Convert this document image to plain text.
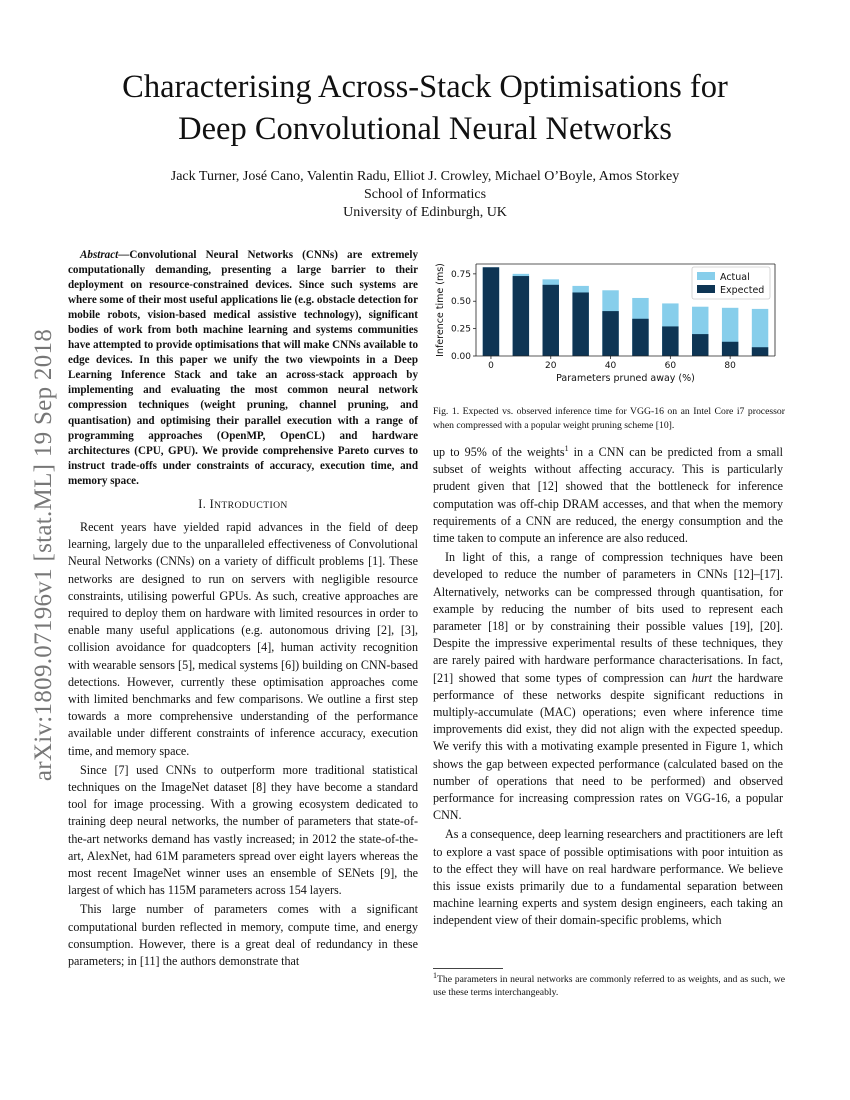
arXiv:1809.07196v1 [stat.ML] 19 Sep 2018
Characterising Across-Stack Optimisations for
Deep Convolutional Neural Networks
Jack Turner, José Cano, Valentin Radu, Elliot J. Crowley, Michael O’Boyle, Amos Storkey
School of Informatics
University of Edinburgh, UK

Abstract—Convolutional Neural Networks (CNNs) are extremely computationally demanding, presenting a large barrier to their deployment on resource-constrained devices. Since such systems are where some of their most useful applications lie (e.g. obstacle detection for mobile robots, vision-based medical assistive technology), significant bodies of work from both machine learning and systems communities have attempted to provide optimisations that will make CNNs available to edge devices. In this paper we unify the two viewpoints in a Deep Learning Inference Stack and take an across-stack approach by implementing and evaluating the most common neural network compression techniques (weight pruning, channel pruning, and quantisation) and optimising their parallel execution with a range of programming approaches (OpenMP, OpenCL) and hardware architectures (CPU, GPU). We provide comprehensive Pareto curves to instruct trade-offs under constraints of accuracy, execution time, and memory space.

I. INTRODUCTION

Recent years have yielded rapid advances in the field of deep learning, largely due to the unparalleled effectiveness of Convolutional Neural Networks (CNNs) on a variety of difficult problems [1]. These networks are designed to run on servers with negligible resource constraints, utilising powerful GPUs. As such, creative approaches are required to deploy them on hardware with limited resources in order to enable many useful applications (e.g. autonomous driving [2], [3], collision avoidance for quadcopters [4], human activity recognition with wearable sensors [5], medical systems [6]) building on CNN-based detections. However, currently these optimisation approaches come with limited benchmarks and few comparisons. We outline a first step towards a more comprehensive understanding of the performance available under different constraints of inference accuracy, execution time, and memory space.

Since [7] used CNNs to outperform more traditional statistical techniques on the ImageNet dataset [8] they have become a standard tool for image processing. With a growing ecosystem dedicated to training deep neural networks, the number of parameters that state-of-the-art networks demand has vastly increased; in 2012 the state-of-the-art, AlexNet, had 61M parameters spread over eight layers whereas the most recent ImageNet winner uses an ensemble of SENets [9], the largest of which has 115M parameters across 154 layers.

This large number of parameters comes with a significant computational burden reflected in memory, compute time, and energy consumption. However, there is a great deal of redundancy in these parameters; in [11] the authors demonstrate that

0.00
0.25
0.50
0.75
0	20	40	60	80
Parameters pruned away (%)
Inference time (ms)	Actual
Expected
Fig. 1. Expected vs. observed inference time for VGG-16 on an Intel Core i7 processor when compressed with a popular weight pruning scheme [10].

up to 95% of the weights$^1$ in a CNN can be predicted from a small subset of weights without affecting accuracy. This is particularly prudent given that [12] showed that the bottleneck for inference computation was off-chip DRAM accesses, and that when the memory requirements of a CNN are reduced, the energy consumption and the time taken to compute an inference are also reduced.

In light of this, a range of compression techniques have been developed to reduce the number of parameters in CNNs [12]–[17]. Alternatively, networks can be compressed through quantisation, for example by reducing the number of bits used to represent each parameter [18] or by constraining their possible values [19], [20]. Despite the impressive experimental results of these techniques, they are rarely paired with hardware performance characterisations. In fact, [21] showed that some types of compression can hurt the hardware performance of these networks despite significant reductions in multiply-accumulate (MAC) operations; even where inference time improvements did exist, they did not align with the expected speedup. We verify this with a motivating example presented in Figure 1, which shows the gap between expected performance (calculated based on the number of operations that need to be performed) and observed performance for increasing compression rates on VGG-16, a popular CNN.

As a consequence, deep learning researchers and practitioners are left to explore a vast space of possible optimisations with poor intuition as to the effect they will have on real hardware performance. We believe this issue exists primarily due to a fundamental separation between machine learning experts and system design engineers, each taking an independent view of their domain-specific problems, which

$^1$The parameters in neural networks are commonly referred to as weights, and as such, we use these terms interchangeably.
